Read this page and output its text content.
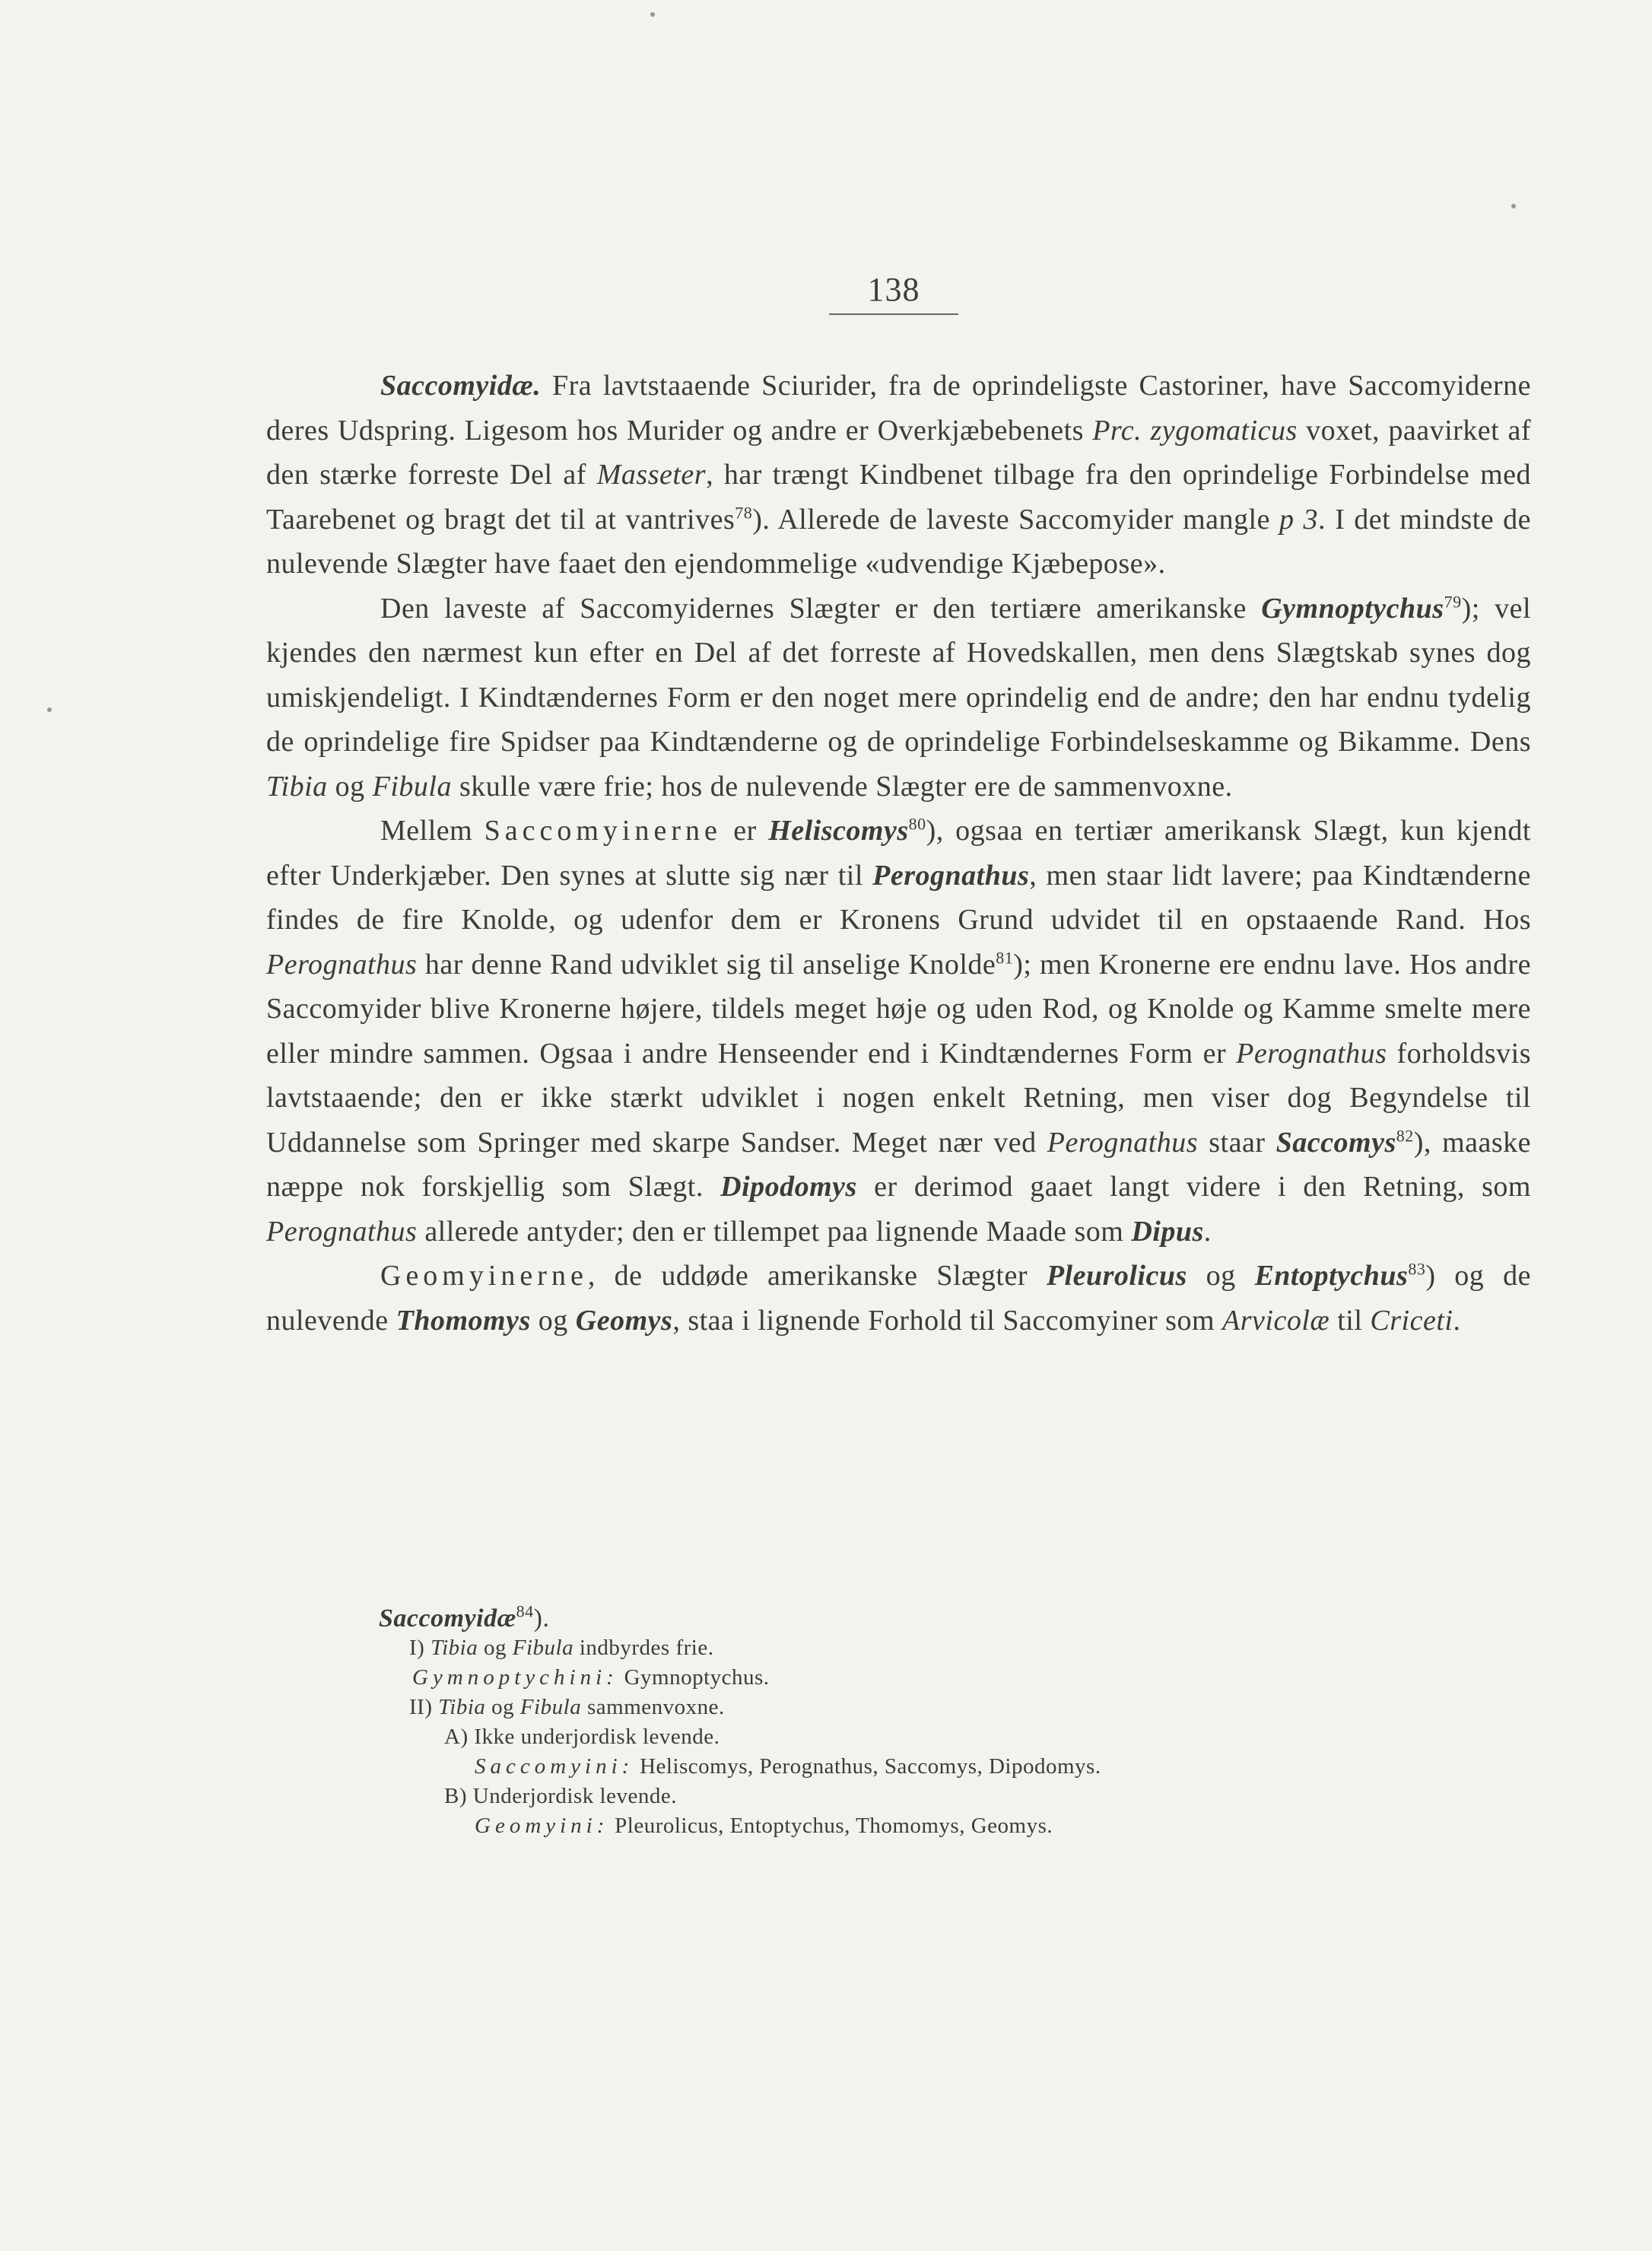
138

Saccomyidæ. Fra lavtstaaende Sciurider, fra de oprindeligste Castoriner, have Saccomyiderne deres Udspring. Ligesom hos Murider og andre er Overkjæbebenets Prc. zygomaticus voxet, paavirket af den stærke forreste Del af Masseter, har trængt Kindbenet tilbage fra den oprindelige Forbindelse med Taarebenet og bragt det til at vantrives$^{78}$). Allerede de laveste Saccomyider mangle p 3. I det mindste de nulevende Slægter have faaet den ejendommelige «udvendige Kjæbepose».

Den laveste af Saccomyidernes Slægter er den tertiære amerikanske Gymnoptychus$^{79}$); vel kjendes den nærmest kun efter en Del af det forreste af Hovedskallen, men dens Slægtskab synes dog umiskjendeligt. I Kindtændernes Form er den noget mere oprindelig end de andre; den har endnu tydelig de oprindelige fire Spidser paa Kindtænderne og de oprindelige Forbindelseskamme og Bikamme. Dens Tibia og Fibula skulle være frie; hos de nulevende Slægter ere de sammenvoxne.

Mellem Saccomyinerne er Heliscomys$^{80}$), ogsaa en tertiær amerikansk Slægt, kun kjendt efter Underkjæber. Den synes at slutte sig nær til Perognathus, men staar lidt lavere; paa Kindtænderne findes de fire Knolde, og udenfor dem er Kronens Grund udvidet til en opstaaende Rand. Hos Perognathus har denne Rand udviklet sig til anselige Knolde$^{81}$); men Kronerne ere endnu lave. Hos andre Saccomyider blive Kronerne højere, tildels meget høje og uden Rod, og Knolde og Kamme smelte mere eller mindre sammen. Ogsaa i andre Henseender end i Kindtændernes Form er Perognathus forholdsvis lavtstaaende; den er ikke stærkt udviklet i nogen enkelt Retning, men viser dog Begyndelse til Uddannelse som Springer med skarpe Sandser. Meget nær ved Perognathus staar Saccomys$^{82}$), maaske næppe nok forskjellig som Slægt. Dipodomys er derimod gaaet langt videre i den Retning, som Perognathus allerede antyder; den er tillempet paa lignende Maade som Dipus.

Geomyinerne, de uddøde amerikanske Slægter Pleurolicus og Entoptychus$^{83}$) og de nulevende Thomomys og Geomys, staa i lignende Forhold til Saccomyiner som Arvicolæ til Criceti.

Saccomyidæ$^{84}$).
I) Tibia og Fibula indbyrdes frie.
Gymnoptychini: Gymnoptychus.
II) Tibia og Fibula sammenvoxne.
A) Ikke underjordisk levende.
Saccomyini: Heliscomys, Perognathus, Saccomys, Dipodomys.
B) Underjordisk levende.
Geomyini: Pleurolicus, Entoptychus, Thomomys, Geomys.
